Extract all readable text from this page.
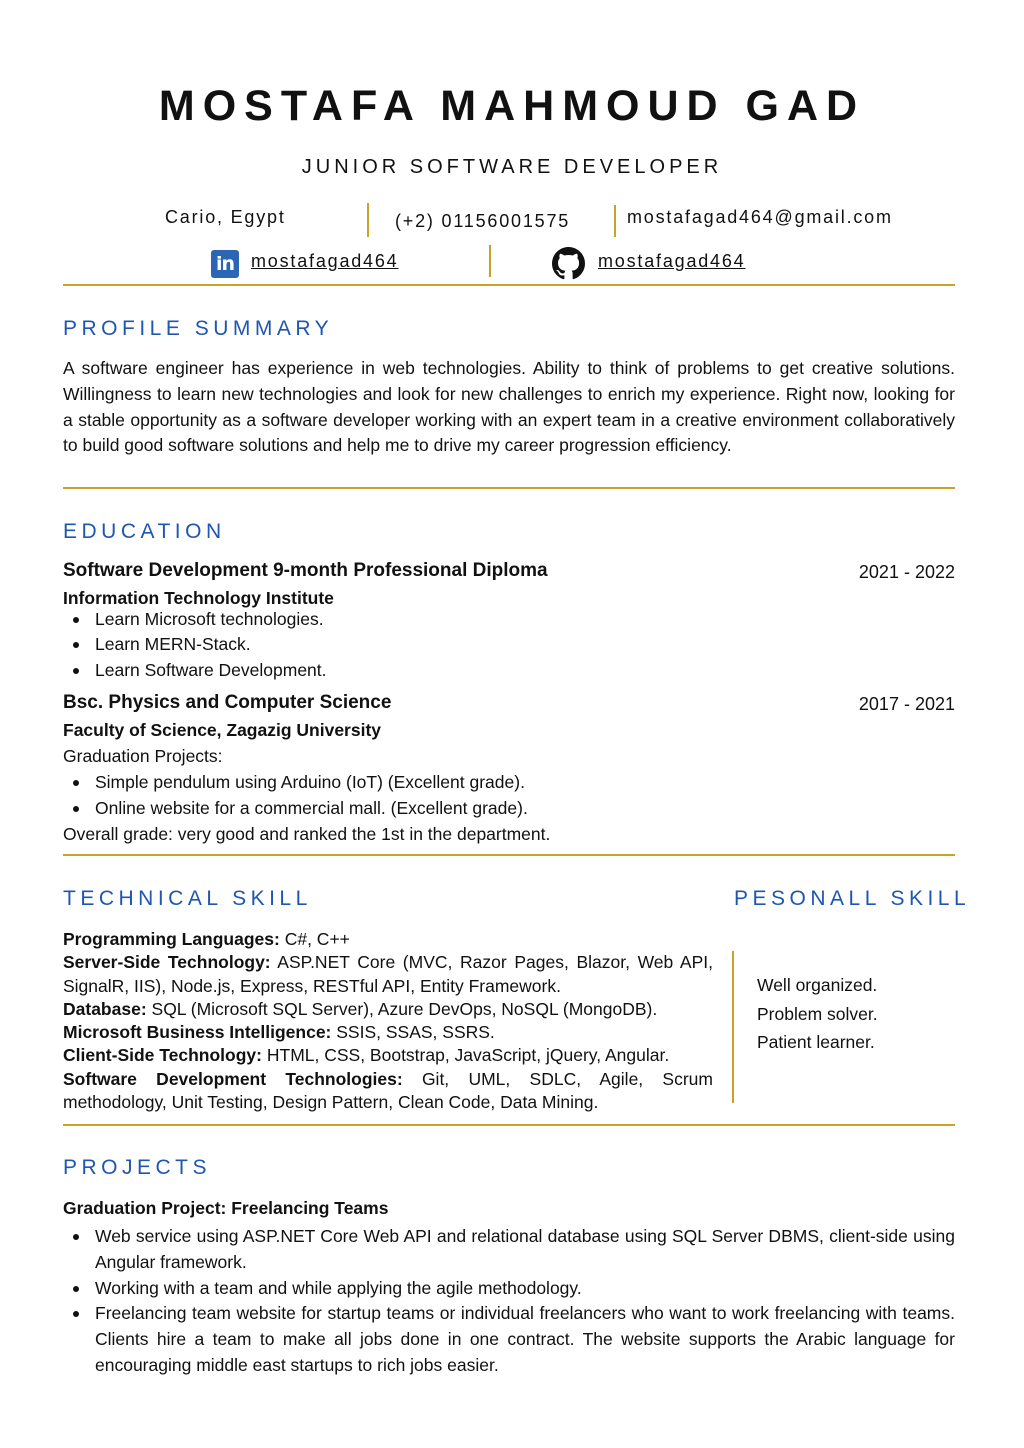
MOSTAFA MAHMOUD GAD
JUNIOR SOFTWARE DEVELOPER
Cario, Egypt	(+2) 01156001575	mostafagad464@gmail.com
in mostafagad464	mostafagad464
PROFILE SUMMARY
A software engineer has experience in web technologies. Ability to think of problems to get creative solutions. Willingness to learn new technologies and look for new challenges to enrich my experience. Right now, looking for a stable opportunity as a software developer working with an expert team in a creative environment collaboratively to build good software solutions and help me to drive my career progression efficiency.
EDUCATION
Software Development 9-month Professional Diploma	2021 - 2022
Information Technology Institute
Learn Microsoft technologies.
Learn MERN-Stack.
Learn Software Development.
Bsc. Physics and Computer Science	2017 - 2021
Faculty of Science, Zagazig University
Graduation Projects:
Simple pendulum using Arduino (IoT) (Excellent grade).
Online website for a commercial mall. (Excellent grade).
Overall grade: very good and ranked the 1st in the department.
TECHNICAL SKILL

Programming Languages: C#, C++

Server-Side Technology: ASP.NET Core (MVC, Razor Pages, Blazor, Web API, SignalR, IIS), Node.js, Express, RESTful API, Entity Framework.

Database: SQL (Microsoft SQL Server), Azure DevOps, NoSQL (MongoDB).

Microsoft Business Intelligence: SSIS, SSAS, SSRS.

Client-Side Technology: HTML, CSS, Bootstrap, JavaScript, jQuery, Angular.

Software Development Technologies: Git, UML, SDLC, Agile, Scrum methodology, Unit Testing, Design Pattern, Clean Code, Data Mining.

PESONALL SKILL
Well organized.
Problem solver.
Patient learner.
PROJECTS
Graduation Project: Freelancing Teams
Web service using ASP.NET Core Web API and relational database using SQL Server DBMS, client-side using Angular framework.
Working with a team and while applying the agile methodology.
Freelancing team website for startup teams or individual freelancers who want to work freelancing with teams. Clients hire a team to make all jobs done in one contract. The website supports the Arabic language for encouraging middle east startups to rich jobs easier.
